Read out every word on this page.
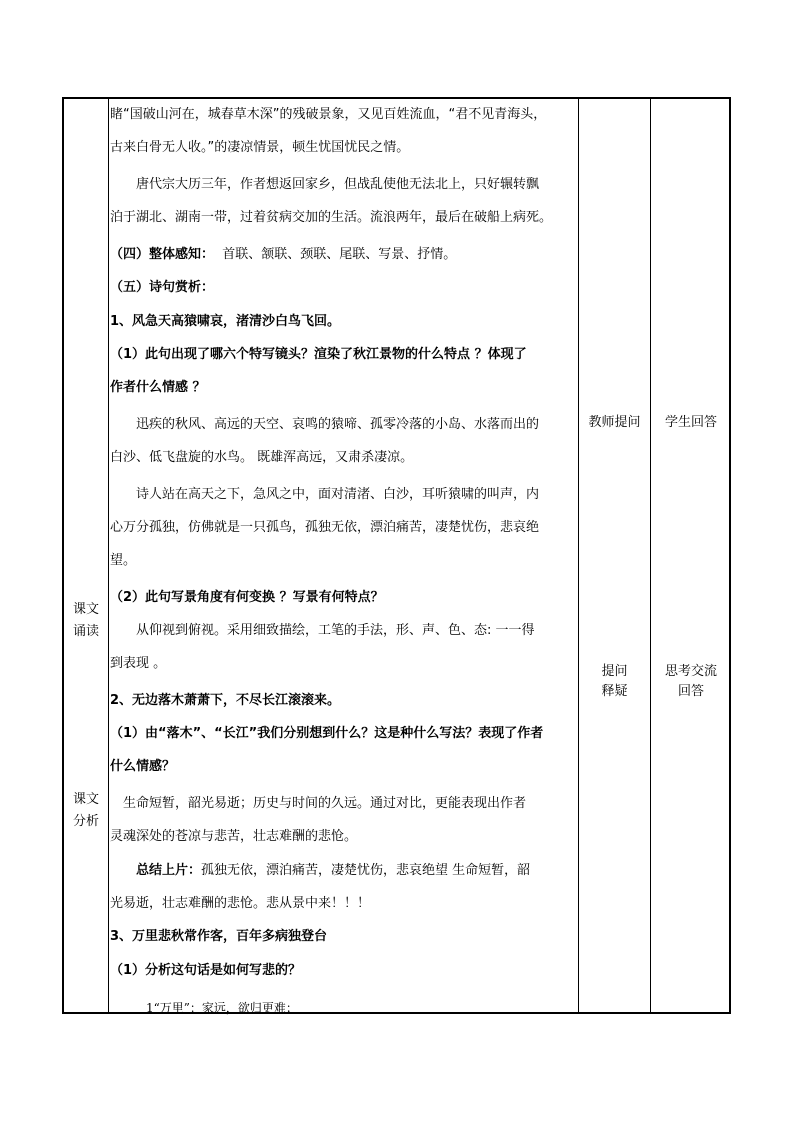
课文
诵读
课文
分析
教师提问
提问
释疑
学生回答
思考交流
回答
睹“国破山河在，城春草木深”的残破景象，又见百姓流血，“君不见青海头，
古来白骨无人收。”的凄凉情景，顿生忧国忧民之情。
唐代宗大历三年，作者想返回家乡，但战乱使他无法北上，只好辗转飘
泊于湖北、湖南一带，过着贫病交加的生活。流浪两年，最后在破船上病死。
（四）整体感知：  首联、颔联、颈联、尾联、写景、抒情。
（五）诗句赏析：
1、风急天高猿啸哀，渚清沙白鸟飞回。
（1）此句出现了哪六个特写镜头？渲染了秋江景物的什么特点 ？体现了
作者什么情感 ？
迅疾的秋风、高远的天空、哀鸣的猿啼、孤零冷落的小岛、水落而出的
白沙、低飞盘旋的水鸟。 既雄浑高远，又肃杀凄凉。
诗人站在高天之下，急风之中，面对清渚、白沙，耳听猿啸的叫声，内
心万分孤独，仿佛就是一只孤鸟，孤独无依，漂泊痛苦，凄楚忧伤，悲哀绝
望。
（2）此句写景角度有何变换 ？写景有何特点？
从仰视到俯视。采用细致描绘，工笔的手法，形、声、色、态: 一一得
到表现 。
2、无边落木萧萧下，不尽长江滚滚来。
（1）由“落木”、“长江”我们分别想到什么？这是种什么写法？表现了作者
什么情感？
生命短暂，韶光易逝；历史与时间的久远。通过对比，更能表现出作者
灵魂深处的苍凉与悲苦，壮志难酬的悲怆。
总结上片：孤独无依，漂泊痛苦，凄楚忧伤，悲哀绝望 生命短暂，韶
光易逝，壮志难酬的悲怆。悲从景中来！！！
3、万里悲秋常作客，百年多病独登台
（1）分析这句话是如何写悲的？
1“万里”：家远，欲归更难；
